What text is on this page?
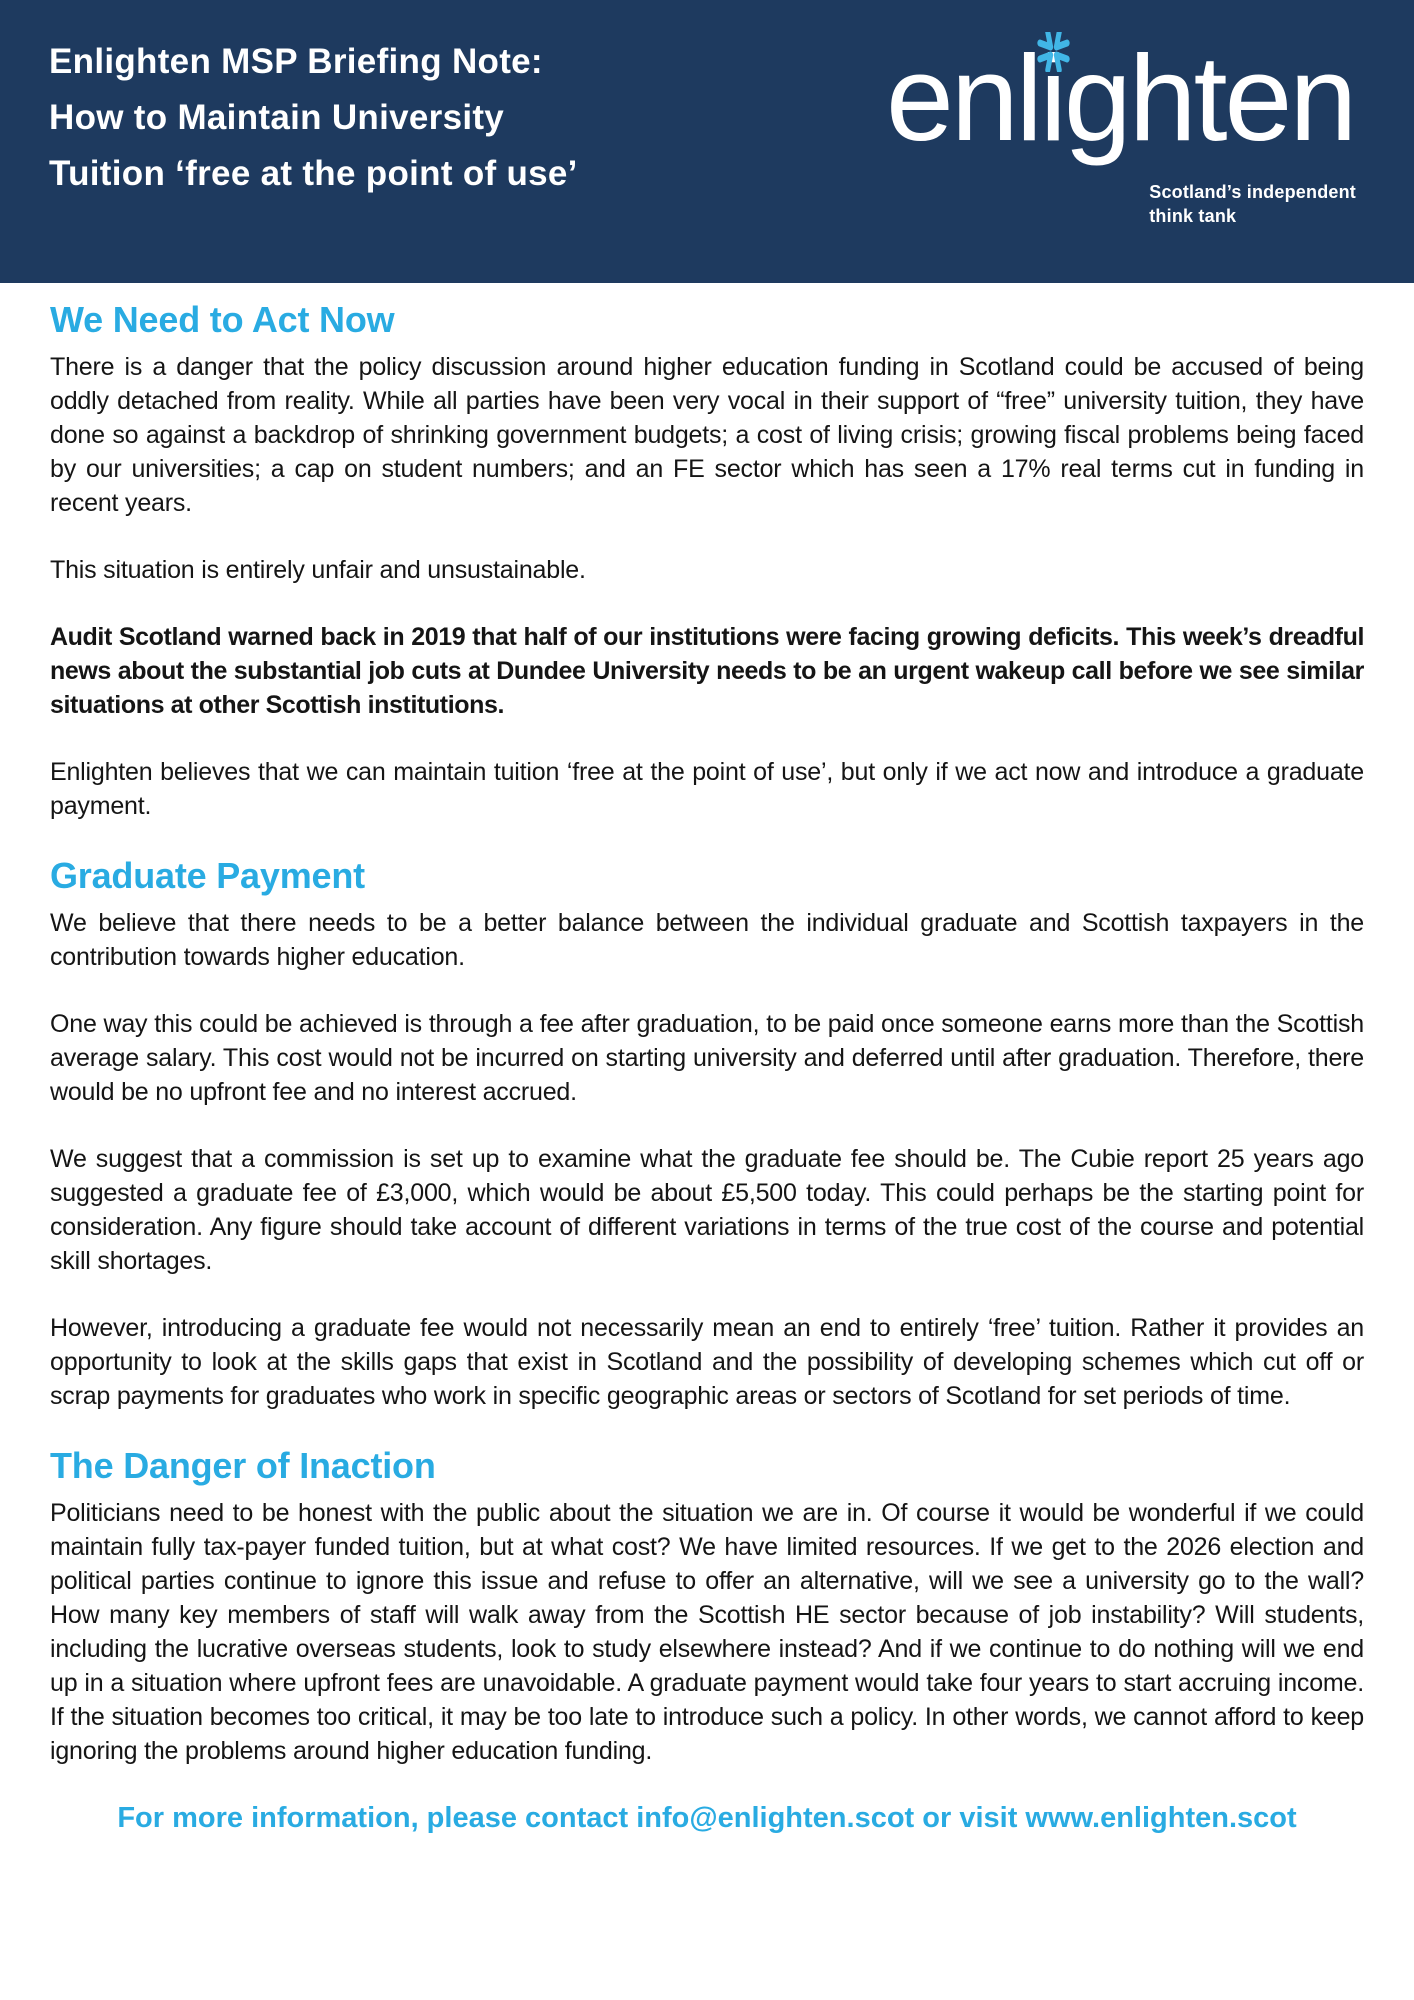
Enlighten MSP Briefing Note:
How to Maintain University
Tuition ‘free at the point of use’
enlighten
Scotland’s independent
think tank
We Need to Act Now

There is a danger that the policy discussion around higher education funding in Scotland could be accused of being oddly detached from reality. While all parties have been very vocal in their support of “free” university tuition, they have done so against a backdrop of shrinking government budgets; a cost of living crisis; growing fiscal problems being faced by our universities; a cap on student numbers; and an FE sector which has seen a 17% real terms cut in funding in recent years.

This situation is entirely unfair and unsustainable.

Audit Scotland warned back in 2019 that half of our institutions were facing growing deficits. This week’s dreadful news about the substantial job cuts at Dundee University needs to be an urgent wakeup call before we see similar situations at other Scottish institutions.

Enlighten believes that we can maintain tuition ‘free at the point of use’, but only if we act now and introduce a graduate payment.

Graduate Payment

We believe that there needs to be a better balance between the individual graduate and Scottish taxpayers in the contribution towards higher education.

One way this could be achieved is through a fee after graduation, to be paid once someone earns more than the Scottish average salary. This cost would not be incurred on starting university and deferred until after graduation. Therefore, there would be no upfront fee and no interest accrued.

We suggest that a commission is set up to examine what the graduate fee should be. The Cubie report 25 years ago suggested a graduate fee of £3,000, which would be about £5,500 today. This could perhaps be the starting point for consideration. Any figure should take account of different variations in terms of the true cost of the course and potential skill shortages.

However, introducing a graduate fee would not necessarily mean an end to entirely ‘free’ tuition. Rather it provides an opportunity to look at the skills gaps that exist in Scotland and the possibility of developing schemes which cut off or scrap payments for graduates who work in specific geographic areas or sectors of Scotland for set periods of time.

The Danger of Inaction

Politicians need to be honest with the public about the situation we are in. Of course it would be wonderful if we could maintain fully tax-payer funded tuition, but at what cost? We have limited resources. If we get to the 2026 election and political parties continue to ignore this issue and refuse to offer an alternative, will we see a university go to the wall? How many key members of staff will walk away from the Scottish HE sector because of job instability? Will students, including the lucrative overseas students, look to study elsewhere instead? And if we continue to do nothing will we end up in a situation where upfront fees are unavoidable. A graduate payment would take four years to start accruing income. If the situation becomes too critical, it may be too late to introduce such a policy. In other words, we cannot afford to keep ignoring the problems around higher education funding.

For more information, please contact info@enlighten.scot or visit www.enlighten.scot
